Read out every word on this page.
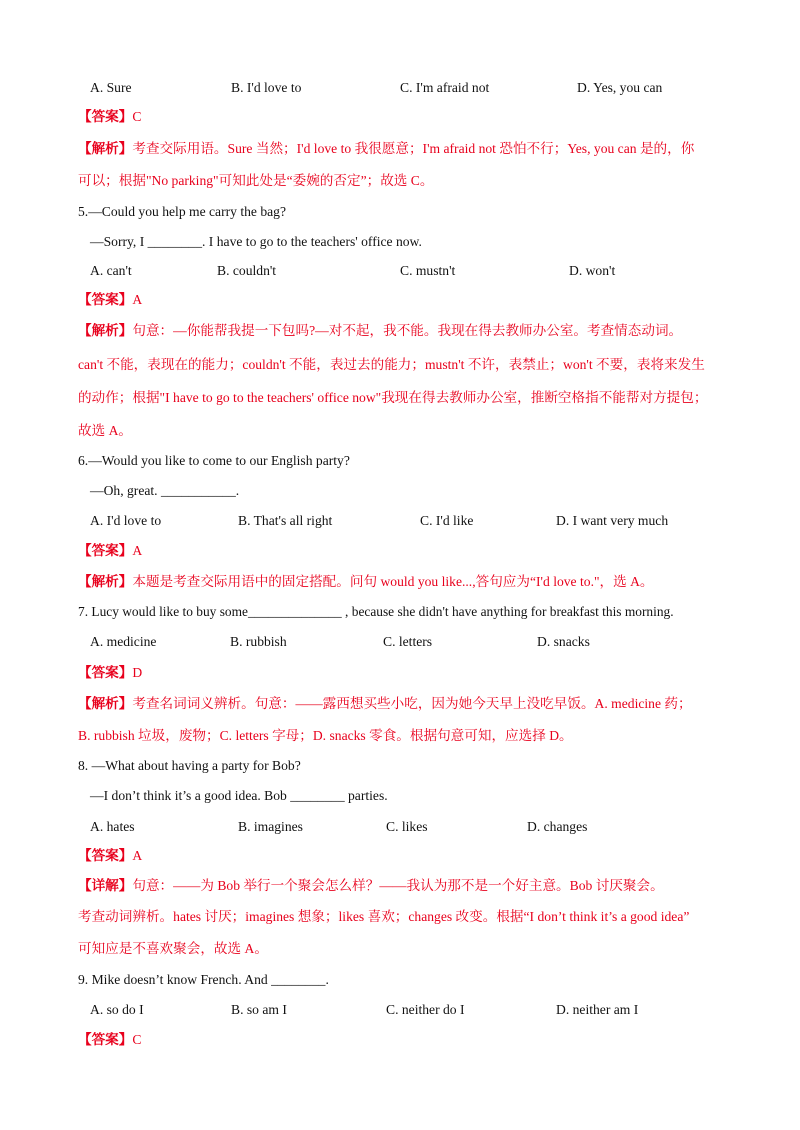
A. Sure	B. I'd love to	C. I'm afraid not	D. Yes, you can
【答案】C
【解析】考查交际用语。Sure 当然；I'd love to 我很愿意；I'm afraid not 恐怕不行；Yes, you can 是的，你
可以；根据"No parking"可知此处是“委婉的否定”；故选 C。
5.—Could you help me carry the bag?
—Sorry, I ________. I have to go to the teachers' office now.
A. can't	B. couldn't	C. mustn't	D. won't
【答案】A
【解析】句意：—你能帮我提一下包吗?—对不起，我不能。我现在得去教师办公室。考查情态动词。
can't 不能，表现在的能力；couldn't 不能，表过去的能力；mustn't 不许，表禁止；won't 不要，表将来发生
的动作；根据"I have to go to the teachers' office now"我现在得去教师办公室，推断空格指不能帮对方提包；
故选 A。
6.—Would you like to come to our English party?
—Oh, great. ___________.
A. I'd love to	B. That's all right	C. I'd like	D. I want very much
【答案】A
【解析】本题是考查交际用语中的固定搭配。问句 would you like...,答句应为“I'd love to."，选 A。
7. Lucy would like to buy some______________ , because she didn't have anything for breakfast this morning.
A. medicine	B. rubbish	C. letters	D. snacks
【答案】D
【解析】考查名词词义辨析。句意：——露西想买些小吃，因为她今天早上没吃早饭。A. medicine 药；
B. rubbish 垃圾，废物；C. letters 字母；D. snacks 零食。根据句意可知，应选择 D。
8. —What about having a party for Bob?
—I don’t think it’s a good idea. Bob ________ parties.
A. hates	B. imagines	C. likes	D. changes
【答案】A
【详解】句意：——为 Bob 举行一个聚会怎么样？——我认为那不是一个好主意。Bob 讨厌聚会。
考查动词辨析。hates 讨厌；imagines 想象；likes 喜欢；changes 改变。根据“I don’t think it’s a good idea”
可知应是不喜欢聚会，故选 A。
9. Mike doesn’t know French. And ________.
A. so do I	B. so am I	C. neither do I	D. neither am I
【答案】C
